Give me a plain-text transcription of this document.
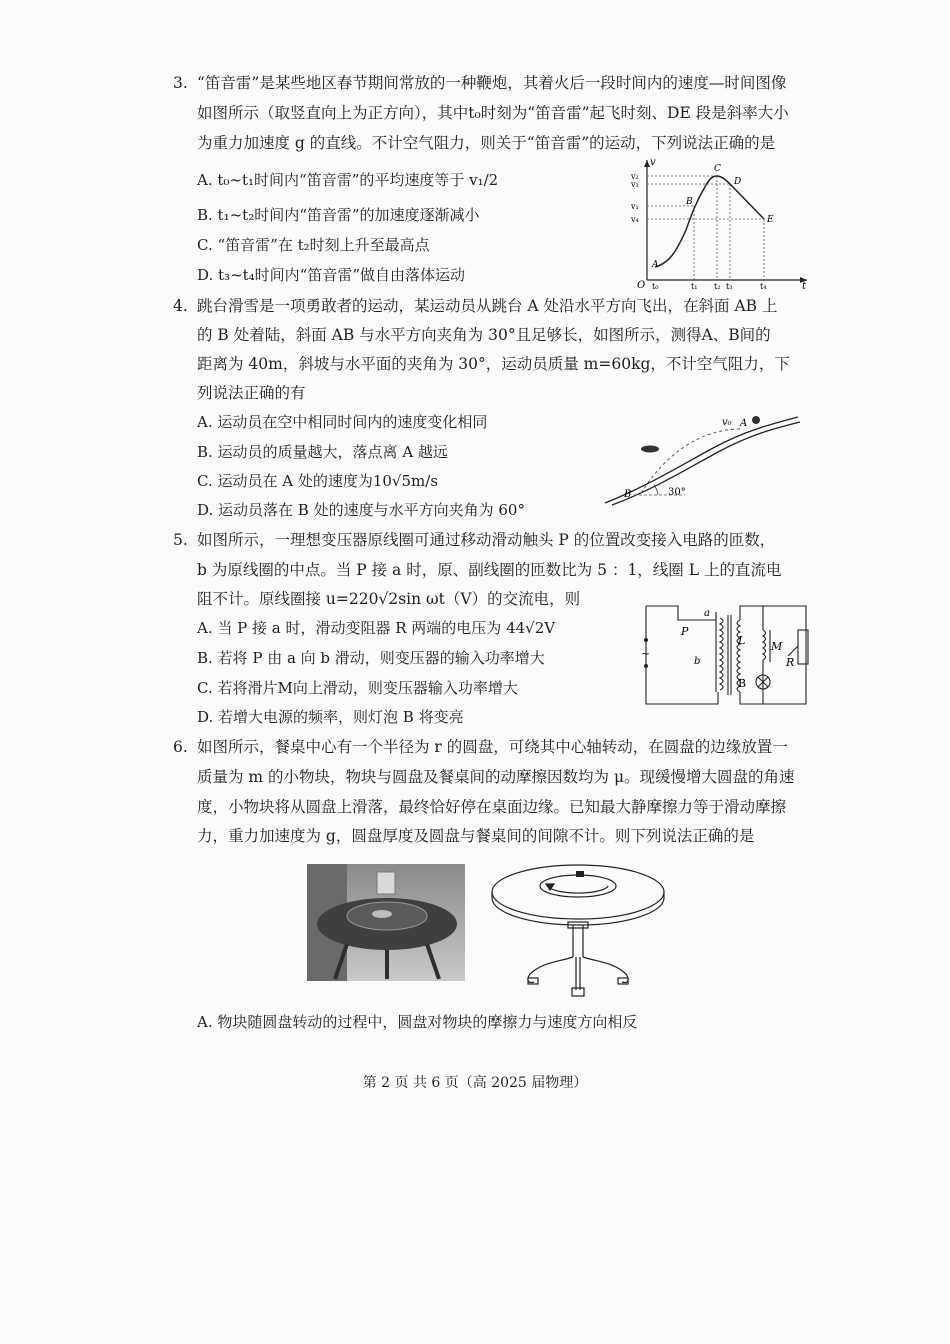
3. “笛音雷”是某些地区春节期间常放的一种鞭炮，其着火后一段时间内的速度—时间图像
如图所示（取竖直向上为正方向），其中t₀时刻为“笛音雷”起飞时刻、DE 段是斜率大小
为重力加速度 g 的直线。不计空气阻力，则关于“笛音雷”的运动，下列说法正确的是
A. t₀~t₁时间内“笛音雷”的平均速度等于 v₁/2
B. t₁~t₂时间内“笛音雷”的加速度逐渐减小
C. “笛音雷”在 t₂时刻上升至最高点
D. t₃~t₄时间内“笛音雷”做自由落体运动
v
t
O
v₂
v₃
v₁
v₄
t₀	t₁ t₂ t₃	t₄
A
B
C
D
E
4. 跳台滑雪是一项勇敢者的运动，某运动员从跳台 A 处沿水平方向飞出，在斜面 AB 上
的 B 处着陆，斜面 AB 与水平方向夹角为 30°且足够长，如图所示，测得A、B间的
距离为 40m，斜坡与水平面的夹角为 30°，运动员质量 m=60kg，不计空气阻力，下
列说法正确的有
A. 运动员在空中相同时间内的速度变化相同
B. 运动员的质量越大，落点离 A 越远
C. 运动员在 A 处的速度为10√5m/s
D. 运动员落在 B 处的速度与水平方向夹角为 60°
v₀ A
B	30°
5. 如图所示，一理想变压器原线圈可通过移动滑动触头 P 的位置改变接入电路的匝数，
b 为原线圈的中点。当 P 接 a 时，原、副线圈的匝数比为 5 ：1，线圈 L 上的直流电
阻不计。原线圈接 u=220√2sin ωt（V）的交流电，则
A. 当 P 接 a 时，滑动变阻器 R 两端的电压为 44√2V
B. 若将 P 由 a 向 b 滑动，则变压器的输入功率增大
C. 若将滑片M向上滑动，则变压器输入功率增大
D. 若增大电源的频率，则灯泡 B 将变亮
~
P
a
b
L M
R
B
6. 如图所示，餐桌中心有一个半径为 r 的圆盘，可绕其中心轴转动，在圆盘的边缘放置一
质量为 m 的小物块，物块与圆盘及餐桌间的动摩擦因数均为 μ。现缓慢增大圆盘的角速
度，小物块将从圆盘上滑落，最终恰好停在桌面边缘。已知最大静摩擦力等于滑动摩擦
力，重力加速度为 g，圆盘厚度及圆盘与餐桌间的间隙不计。则下列说法正确的是
A. 物块随圆盘转动的过程中，圆盘对物块的摩擦力与速度方向相反
第 2 页 共 6 页（高 2025 届物理）
